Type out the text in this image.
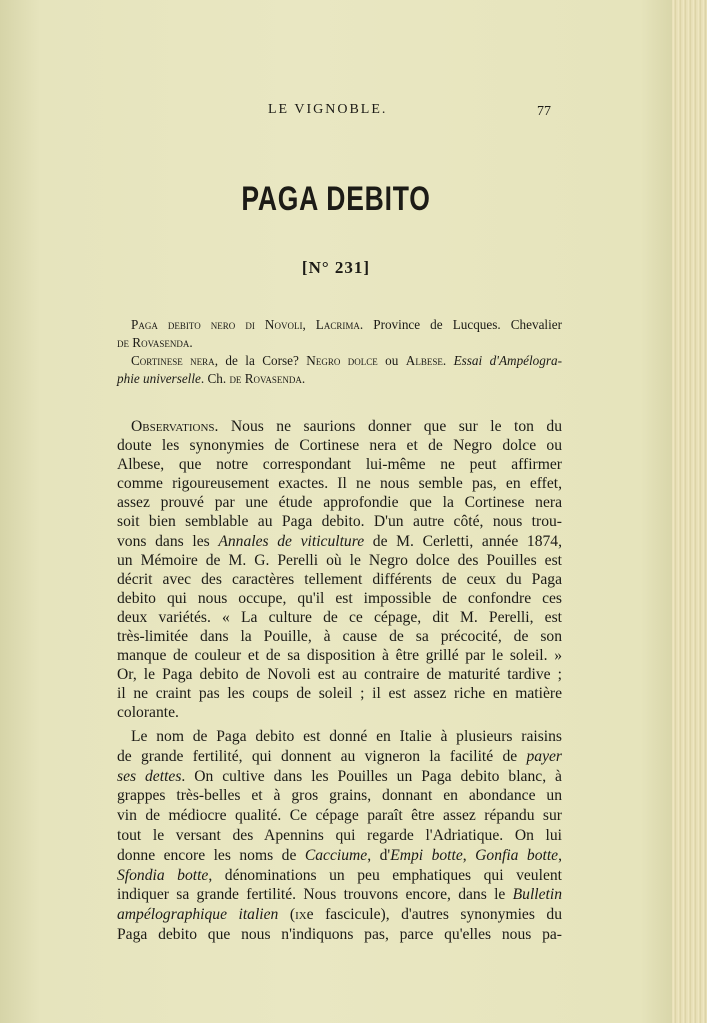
LE VIGNOBLE.	77
PAGA DEBITO
[N° 231]
Paga debito nero di Novoli, Lacrima. Province de Lucques. Chevalier
de Rovasenda.
Cortinese nera, de la Corse? Negro dolce ou Albese. Essai d'Ampélogra-
phie universelle. Ch. de Rovasenda.
Observations. Nous ne saurions donner que sur le ton du
doute les synonymies de Cortinese nera et de Negro dolce ou
Albese, que notre correspondant lui-même ne peut affirmer
comme rigoureusement exactes. Il ne nous semble pas, en effet,
assez prouvé par une étude approfondie que la Cortinese nera
soit bien semblable au Paga debito. D'un autre côté, nous trou-
vons dans les Annales de viticulture de M. Cerletti, année 1874,
un Mémoire de M. G. Perelli où le Negro dolce des Pouilles est
décrit avec des caractères tellement différents de ceux du Paga
debito qui nous occupe, qu'il est impossible de confondre ces
deux variétés. « La culture de ce cépage, dit M. Perelli, est
très-limitée dans la Pouille, à cause de sa précocité, de son
manque de couleur et de sa disposition à être grillé par le soleil. »
Or, le Paga debito de Novoli est au contraire de maturité tardive ;
il ne craint pas les coups de soleil ; il est assez riche en matière
colorante.
Le nom de Paga debito est donné en Italie à plusieurs raisins
de grande fertilité, qui donnent au vigneron la facilité de payer
ses dettes. On cultive dans les Pouilles un Paga debito blanc, à
grappes très-belles et à gros grains, donnant en abondance un
vin de médiocre qualité. Ce cépage paraît être assez répandu sur
tout le versant des Apennins qui regarde l'Adriatique. On lui
donne encore les noms de Cacciume, d'Empi botte, Gonfia botte,
Sfondia botte, dénominations un peu emphatiques qui veulent
indiquer sa grande fertilité. Nous trouvons encore, dans le Bulletin
ampélographique italien (ixe fascicule), d'autres synonymies du
Paga debito que nous n'indiquons pas, parce qu'elles nous pa-
